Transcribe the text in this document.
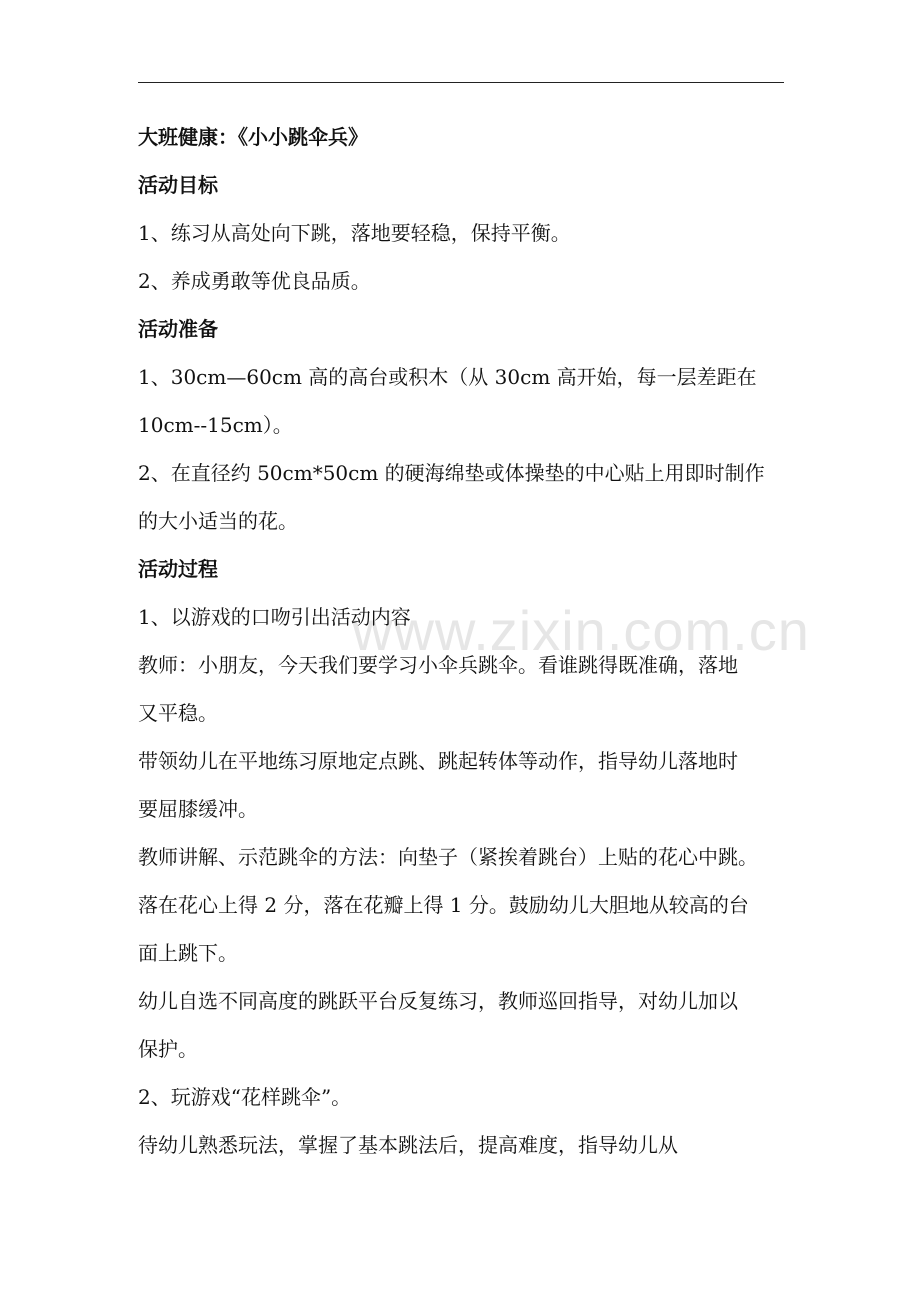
www.zixin.com.cn

大班健康：《小小跳伞兵》

活动目标

1、练习从高处向下跳，落地要轻稳，保持平衡。

2、养成勇敢等优良品质。

活动准备

1、30cm—60cm 高的高台或积木（从 30cm 高开始，每一层差距在

10cm--15cm）。

2、在直径约 50cm*50cm 的硬海绵垫或体操垫的中心贴上用即时制作

的大小适当的花。

活动过程

1、以游戏的口吻引出活动内容

教师：小朋友，今天我们要学习小伞兵跳伞。看谁跳得既准确，落地

又平稳。

带领幼儿在平地练习原地定点跳、跳起转体等动作，指导幼儿落地时

要屈膝缓冲。

教师讲解、示范跳伞的方法：向垫子（紧挨着跳台）上贴的花心中跳。

落在花心上得 2 分，落在花瓣上得 1 分。鼓励幼儿大胆地从较高的台

面上跳下。

幼儿自选不同高度的跳跃平台反复练习，教师巡回指导，对幼儿加以

保护。

2、玩游戏“花样跳伞”。

待幼儿熟悉玩法，掌握了基本跳法后，提高难度，指导幼儿从
